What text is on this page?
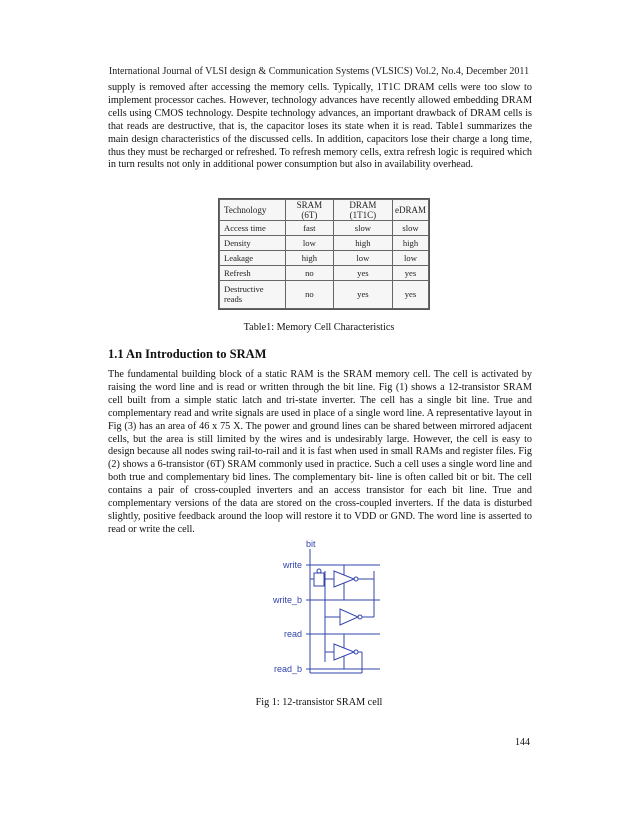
International Journal of VLSI design & Communication Systems (VLSICS) Vol.2, No.4, December 2011

supply is removed after accessing the memory cells. Typically, 1T1C DRAM cells were too slow to implement processor caches. However, technology advances have recently allowed embedding DRAM cells using CMOS technology. Despite technology advances, an important drawback of DRAM cells is that reads are destructive, that is, the capacitor loses its state when it is read. Table1 summarizes the main design characteristics of the discussed cells. In addition, capacitors lose their charge a long time, thus they must be recharged or refreshed. To refresh memory cells, extra refresh logic is required which in turn results not only in additional power consumption but also in availability overhead.

Technology	SRAM (6T)	DRAM (1T1C)	eDRAM
Access time	fast	slow	slow
Density	low	high	high
Leakage	high	low	low
Refresh	no	yes	yes
Destructive reads	no	yes	yes
Table1: Memory Cell Characteristics
1.1 An Introduction to SRAM

The fundamental building block of a static RAM is the SRAM memory cell. The cell is activated by raising the word line and is read or written through the bit line. Fig (1) shows a 12-transistor SRAM cell built from a simple static latch and tri-state inverter. The cell has a single bit line. True and complementary read and write signals are used in place of a single word line. A representative layout in Fig (3) has an area of 46 x 75 X. The power and ground lines can be shared between mirrored adjacent cells, but the area is still limited by the wires and is undesirably large. However, the cell is easy to design because all nodes swing rail-to-rail and it is fast when used in small RAMs and register files. Fig (2) shows a 6-transistor (6T) SRAM commonly used in practice. Such a cell uses a single word line and both true and complementary bid lines. The complementary bit- line is often called bit or bit. The cell contains a pair of cross-coupled inverters and an access transistor for each bit line. True and complementary versions of the data are stored on the cross-coupled inverters. If the data is disturbed slightly, positive feedback around the loop will restore it to VDD or GND. The word line is asserted to read or write the cell.

bit
write
write_b
read
read_b
Fig 1: 12-transistor SRAM cell
144
